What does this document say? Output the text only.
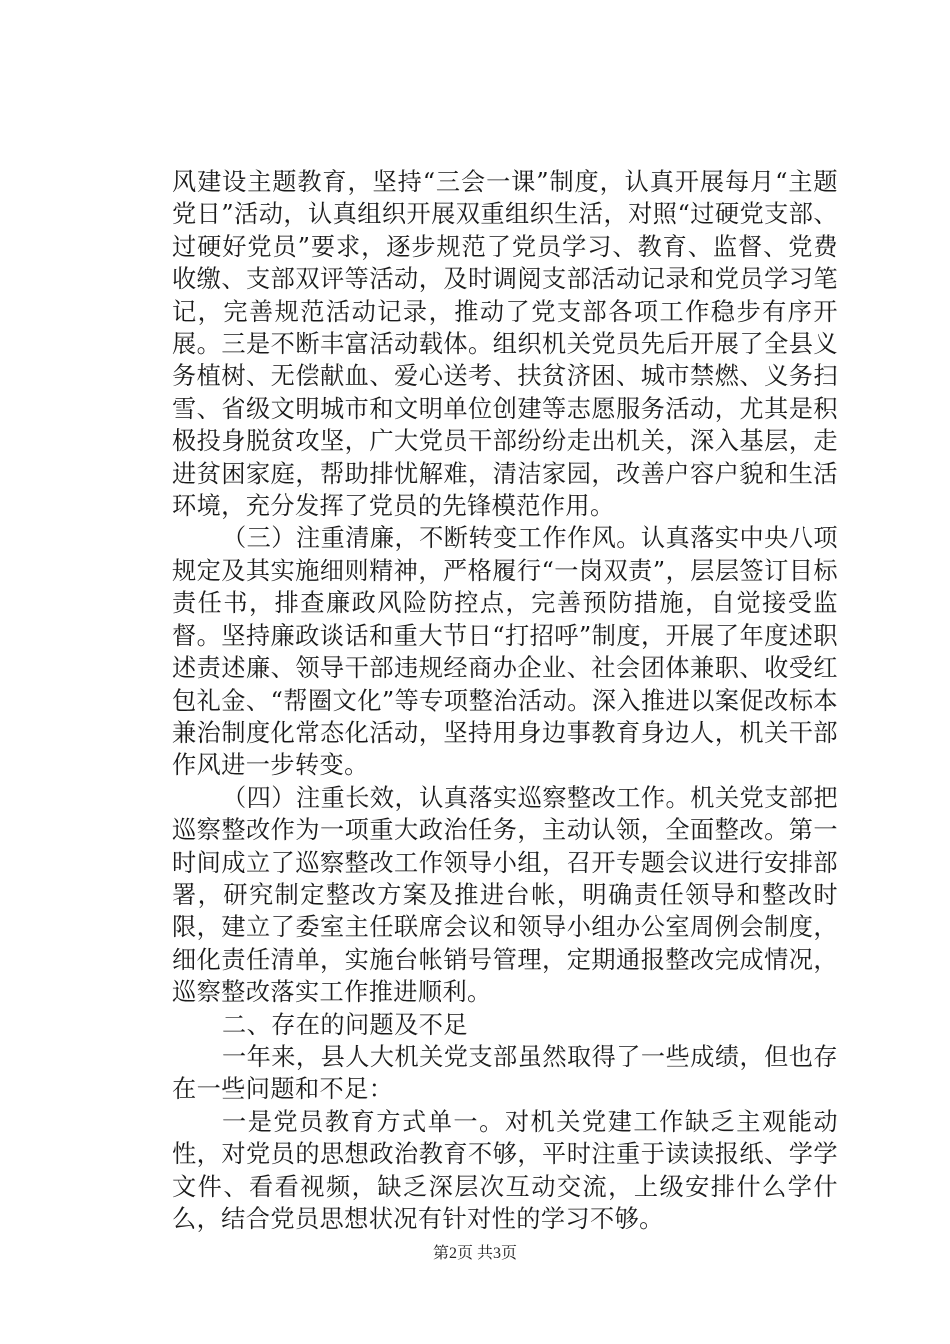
风建设主题教育，坚持“三会一课”制度，认真开展每月“主题党日”活动，认真组织开展双重组织生活，对照“过硬党支部、过硬好党员”要求，逐步规范了党员学习、教育、监督、党费收缴、支部双评等活动，及时调阅支部活动记录和党员学习笔记，完善规范活动记录，推动了党支部各项工作稳步有序开展。三是不断丰富活动载体。组织机关党员先后开展了全县义务植树、无偿献血、爱心送考、扶贫济困、城市禁燃、义务扫雪、省级文明城市和文明单位创建等志愿服务活动，尤其是积极投身脱贫攻坚，广大党员干部纷纷走出机关，深入基层，走进贫困家庭，帮助排忧解难，清洁家园，改善户容户貌和生活环境，充分发挥了党员的先锋模范作用。

（三）注重清廉，不断转变工作作风。认真落实中央八项规定及其实施细则精神，严格履行“一岗双责”，层层签订目标责任书，排查廉政风险防控点，完善预防措施，自觉接受监督。坚持廉政谈话和重大节日“打招呼”制度，开展了年度述职述责述廉、领导干部违规经商办企业、社会团体兼职、收受红包礼金、“帮圈文化”等专项整治活动。深入推进以案促改标本兼治制度化常态化活动，坚持用身边事教育身边人，机关干部作风进一步转变。

（四）注重长效，认真落实巡察整改工作。机关党支部把巡察整改作为一项重大政治任务，主动认领，全面整改。第一时间成立了巡察整改工作领导小组，召开专题会议进行安排部署，研究制定整改方案及推进台帐，明确责任领导和整改时限，建立了委室主任联席会议和领导小组办公室周例会制度，细化责任清单，实施台帐销号管理，定期通报整改完成情况，巡察整改落实工作推进顺利。

二、存在的问题及不足

一年来，县人大机关党支部虽然取得了一些成绩，但也存在一些问题和不足：

一是党员教育方式单一。对机关党建工作缺乏主观能动性，对党员的思想政治教育不够，平时注重于读读报纸、学学文件、看看视频，缺乏深层次互动交流，上级安排什么学什么，结合党员思想状况有针对性的学习不够。

第2页 共3页
